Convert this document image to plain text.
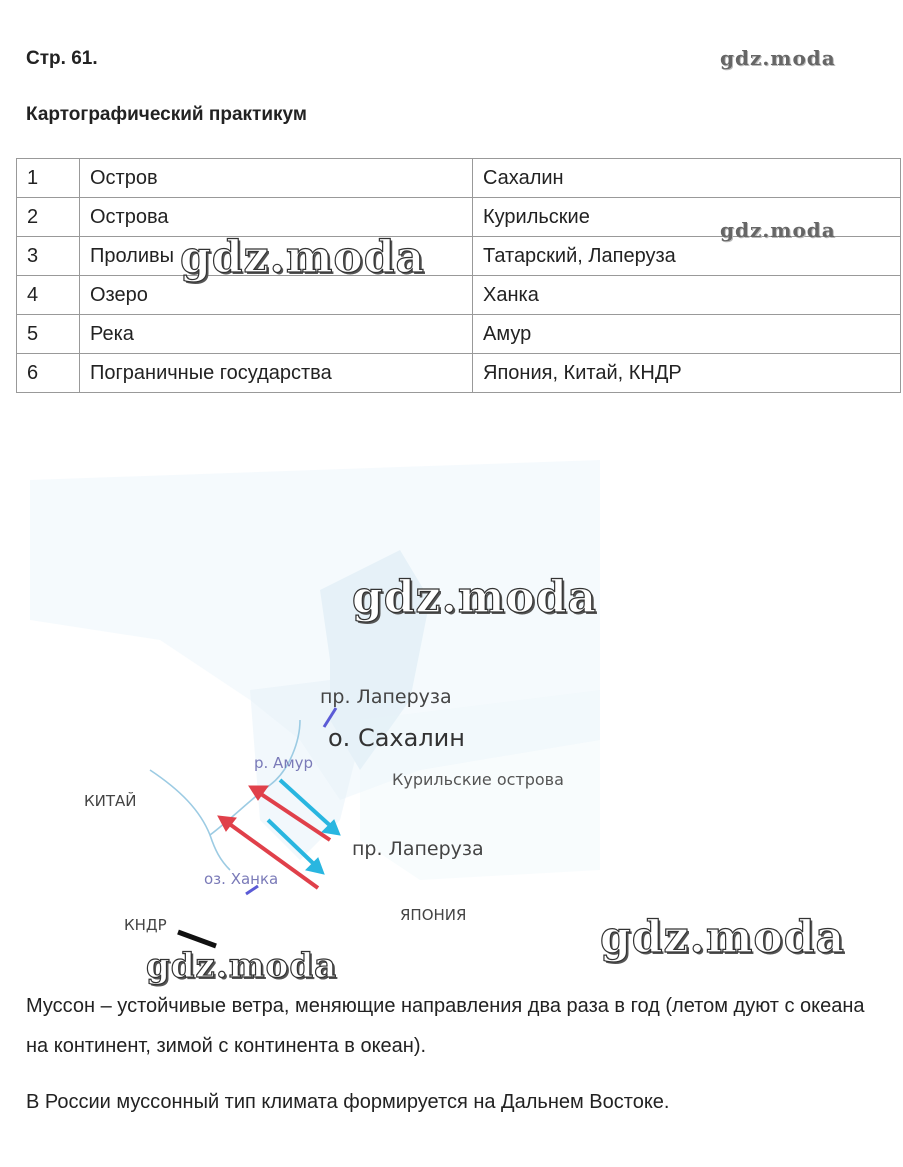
Стр. 61.
Картографический практикум
gdz.moda
1	Остров	Сахалин
2	Острова	Курильские
3	Проливы	Татарский, Лаперуза
4	Озеро	Ханка
5	Река	Амур
6	Пограничные государства	Япония, Китай, КНДР
gdz.moda
gdz.moda
пр. Лаперуза
о. Сахалин
р. Амур
Курильские острова
КИТАЙ
пр. Лаперуза
оз. Ханка
ЯПОНИЯ
КНДР
gdz.moda
gdz.moda
gdz.moda
Муссон – устойчивые ветра, меняющие направления два раза в год (летом дуют с океана на континент, зимой с континента в океан).
В России муссонный тип климата формируется на Дальнем Востоке.
